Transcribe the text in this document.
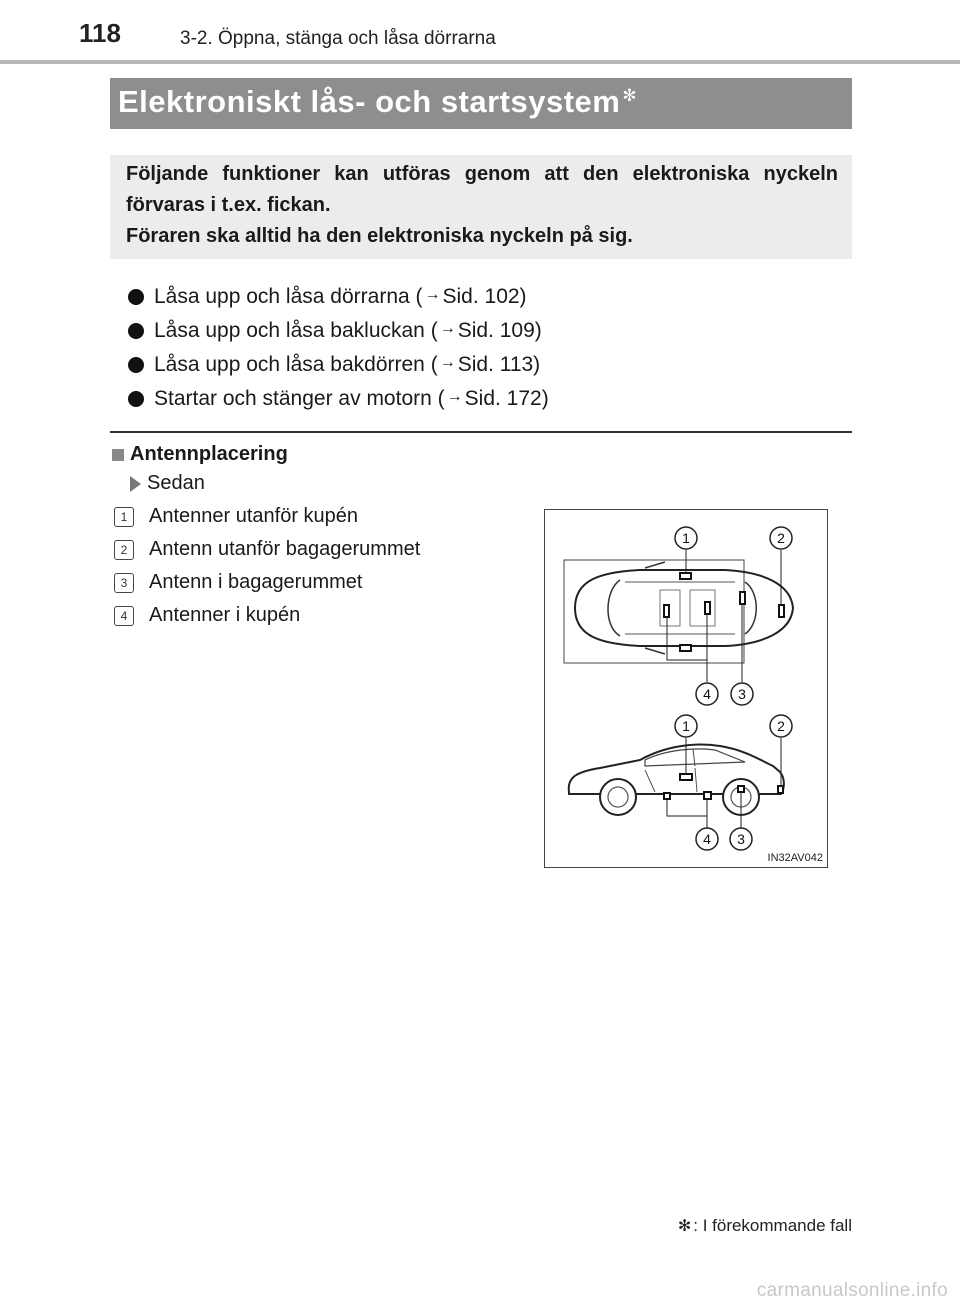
118	3-2. Öppna, stänga och låsa dörrarna
Elektroniskt lås- och startsystem ✻

Följande funktioner kan utföras genom att den elektroniska nyckeln förvaras i t.ex. fickan.

Föraren ska alltid ha den elektroniska nyckeln på sig.

Låsa upp och låsa dörrarna ( → Sid. 102)
Låsa upp och låsa bakluckan ( → Sid. 109)
Låsa upp och låsa bakdörren ( → Sid. 113)
Startar och stänger av motorn ( → Sid. 172)
Antennplacering
Sedan
1	Antenner utanför kupén
2	Antenn utanför bagagerummet
3	Antenn i bagagerummet
4	Antenner i kupén
1	2
4 3
1	2
4 3
IN32AV042
✻ : I förekommande fall
carmanualsonline.info
